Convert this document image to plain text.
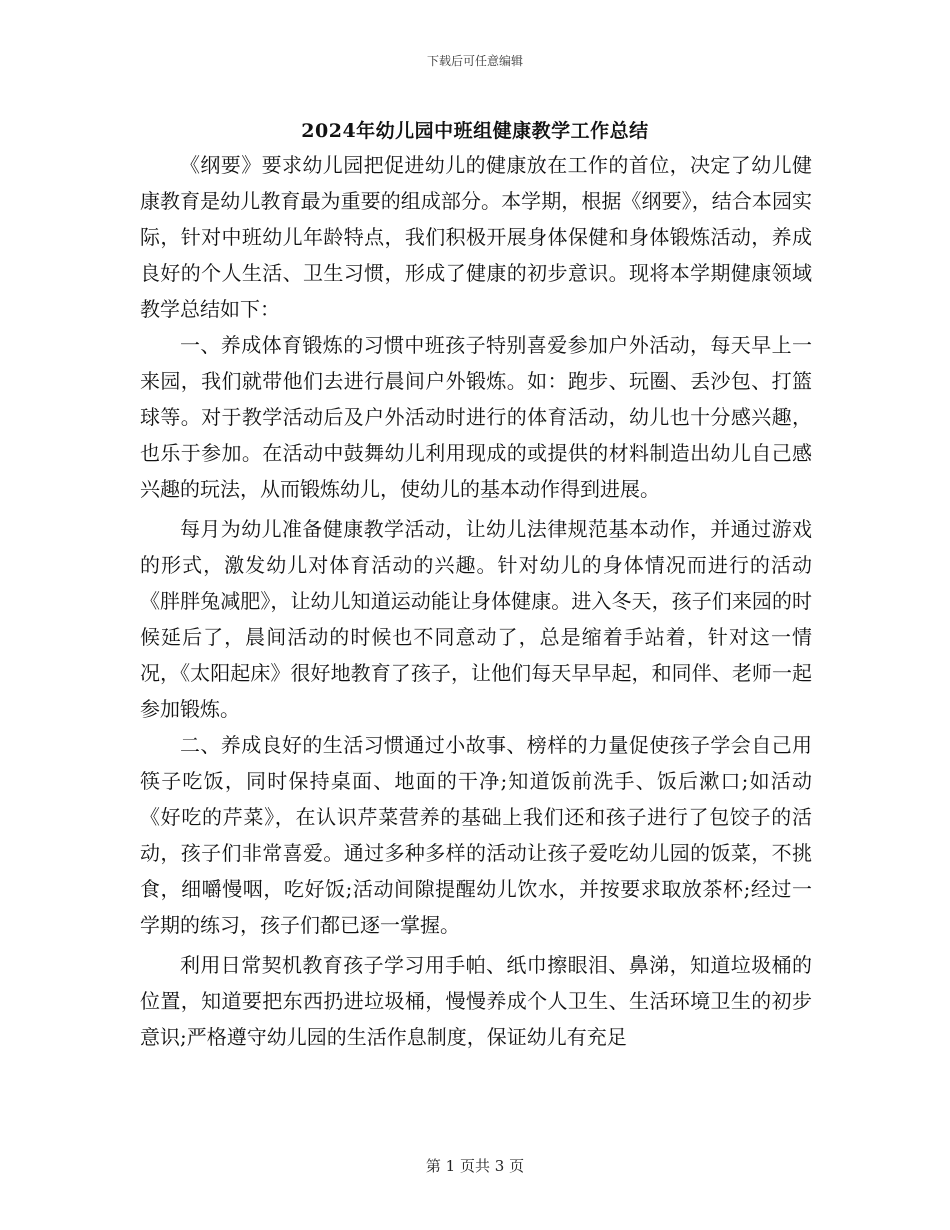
下载后可任意编辑
2024年幼儿园中班组健康教学工作总结

《纲要》要求幼儿园把促进幼儿的健康放在工作的首位，决定了幼儿健康教育是幼儿教育最为重要的组成部分。本学期，根据《纲要》，结合本园实际，针对中班幼儿年龄特点，我们积极开展身体保健和身体锻炼活动，养成良好的个人生活、卫生习惯，形成了健康的初步意识。现将本学期健康领域教学总结如下：

一、养成体育锻炼的习惯中班孩子特别喜爱参加户外活动，每天早上一来园，我们就带他们去进行晨间户外锻炼。如：跑步、玩圈、丢沙包、打篮球等。对于教学活动后及户外活动时进行的体育活动，幼儿也十分感兴趣，也乐于参加。在活动中鼓舞幼儿利用现成的或提供的材料制造出幼儿自己感兴趣的玩法，从而锻炼幼儿，使幼儿的基本动作得到进展。

每月为幼儿准备健康教学活动，让幼儿法律规范基本动作，并通过游戏的形式，激发幼儿对体育活动的兴趣。针对幼儿的身体情况而进行的活动《胖胖兔减肥》，让幼儿知道运动能让身体健康。进入冬天，孩子们来园的时候延后了，晨间活动的时候也不同意动了，总是缩着手站着，针对这一情况，《太阳起床》很好地教育了孩子，让他们每天早早起，和同伴、老师一起参加锻炼。

二、养成良好的生活习惯通过小故事、榜样的力量促使孩子学会自己用筷子吃饭，同时保持桌面、地面的干净;知道饭前洗手、饭后漱口;如活动《好吃的芹菜》，在认识芹菜营养的基础上我们还和孩子进行了包饺子的活动，孩子们非常喜爱。通过多种多样的活动让孩子爱吃幼儿园的饭菜，不挑食，细嚼慢咽，吃好饭;活动间隙提醒幼儿饮水，并按要求取放茶杯;经过一学期的练习，孩子们都已逐一掌握。

利用日常契机教育孩子学习用手帕、纸巾擦眼泪、鼻涕，知道垃圾桶的位置，知道要把东西扔进垃圾桶，慢慢养成个人卫生、生活环境卫生的初步意识;严格遵守幼儿园的生活作息制度，保证幼儿有充足

第 1 页共 3 页
